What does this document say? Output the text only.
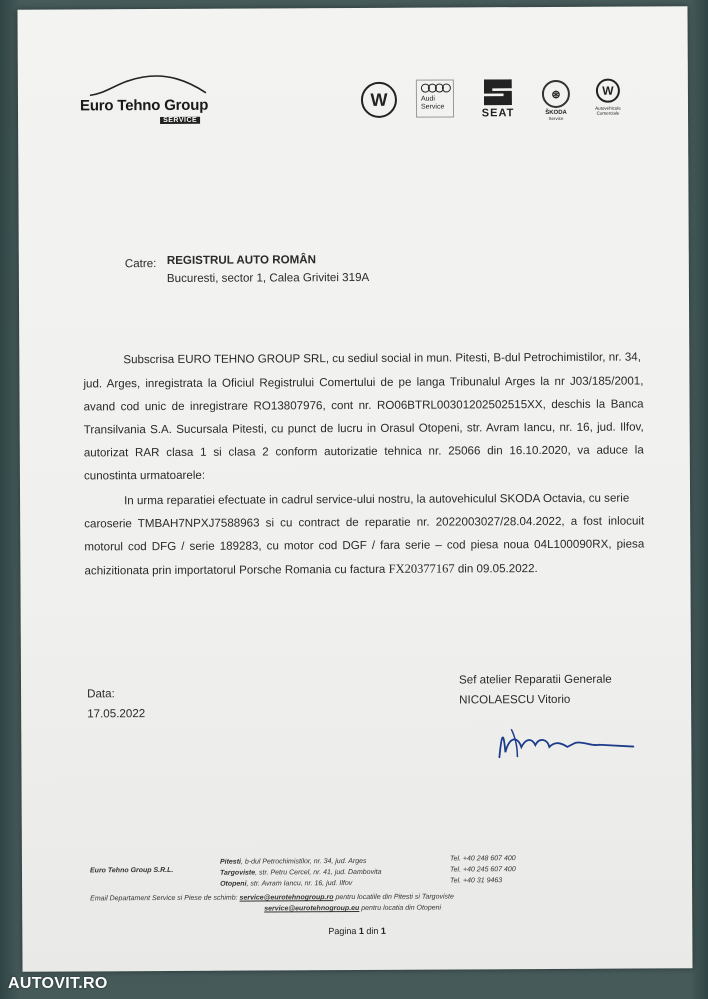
Euro Tehno Group
SERVICE
W	Audi Service
SEAT
⊛
ŠKODA
Service
W
Autovehicule Comerciale
Catre: REGISTRUL AUTO ROMÂN
Bucuresti, sector 1, Calea Grivitei 319A
Subscrisa EURO TEHNO GROUP SRL, cu sediul social in mun. Pitesti, B-dul Petrochimistilor, nr. 34,
jud. Arges, inregistrata la Oficiul Registrului Comertului de pe langa Tribunalul Arges la nr J03/185/2001,
avand cod unic de inregistrare RO13807976, cont nr. RO06BTRL00301202502515XX, deschis la Banca
Transilvania S.A. Sucursala Pitesti, cu punct de lucru in Orasul Otopeni, str. Avram Iancu, nr. 16, jud. Ilfov,
autorizat RAR clasa 1 si clasa 2 conform autorizatie tehnica nr. 25066 din 16.10.2020, va aduce la
cunostinta urmatoarele:
In urma reparatiei efectuate in cadrul service-ului nostru, la autovehiculul SKODA Octavia, cu serie
caroserie TMBAH7NPXJ7588963 si cu contract de reparatie nr. 2022003027/28.04.2022, a fost inlocuit
motorul cod DFG / serie 189283, cu motor cod DGF / fara serie – cod piesa noua 04L100090RX, piesa
achizitionata prin importatorul Porsche Romania cu factura FX20377167 din 09.05.2022.
Data:
17.05.2022
Sef atelier Reparatii Generale
NICOLAESCU Vitorio
Euro Tehno Group S.R.L.
Pitesti, b-dul Petrochimistilor, nr. 34, jud. Arges
Targoviste, str. Petru Cercel, nr. 41, jud. Dambovita
Otopeni, str. Avram Iancu, nr. 16, jud. Ilfov
Tel. +40 248 607 400
Tel. +40 245 607 400
Tel. +40 31 9463
Email Departament Service si Piese de schimb: service@eurotehnogroup.ro pentru locatiile din Pitesti si Targoviste
service@eurotehnogroup.eu pentru locatia din Otopeni
Pagina 1 din 1
AUTOVIT.RO
